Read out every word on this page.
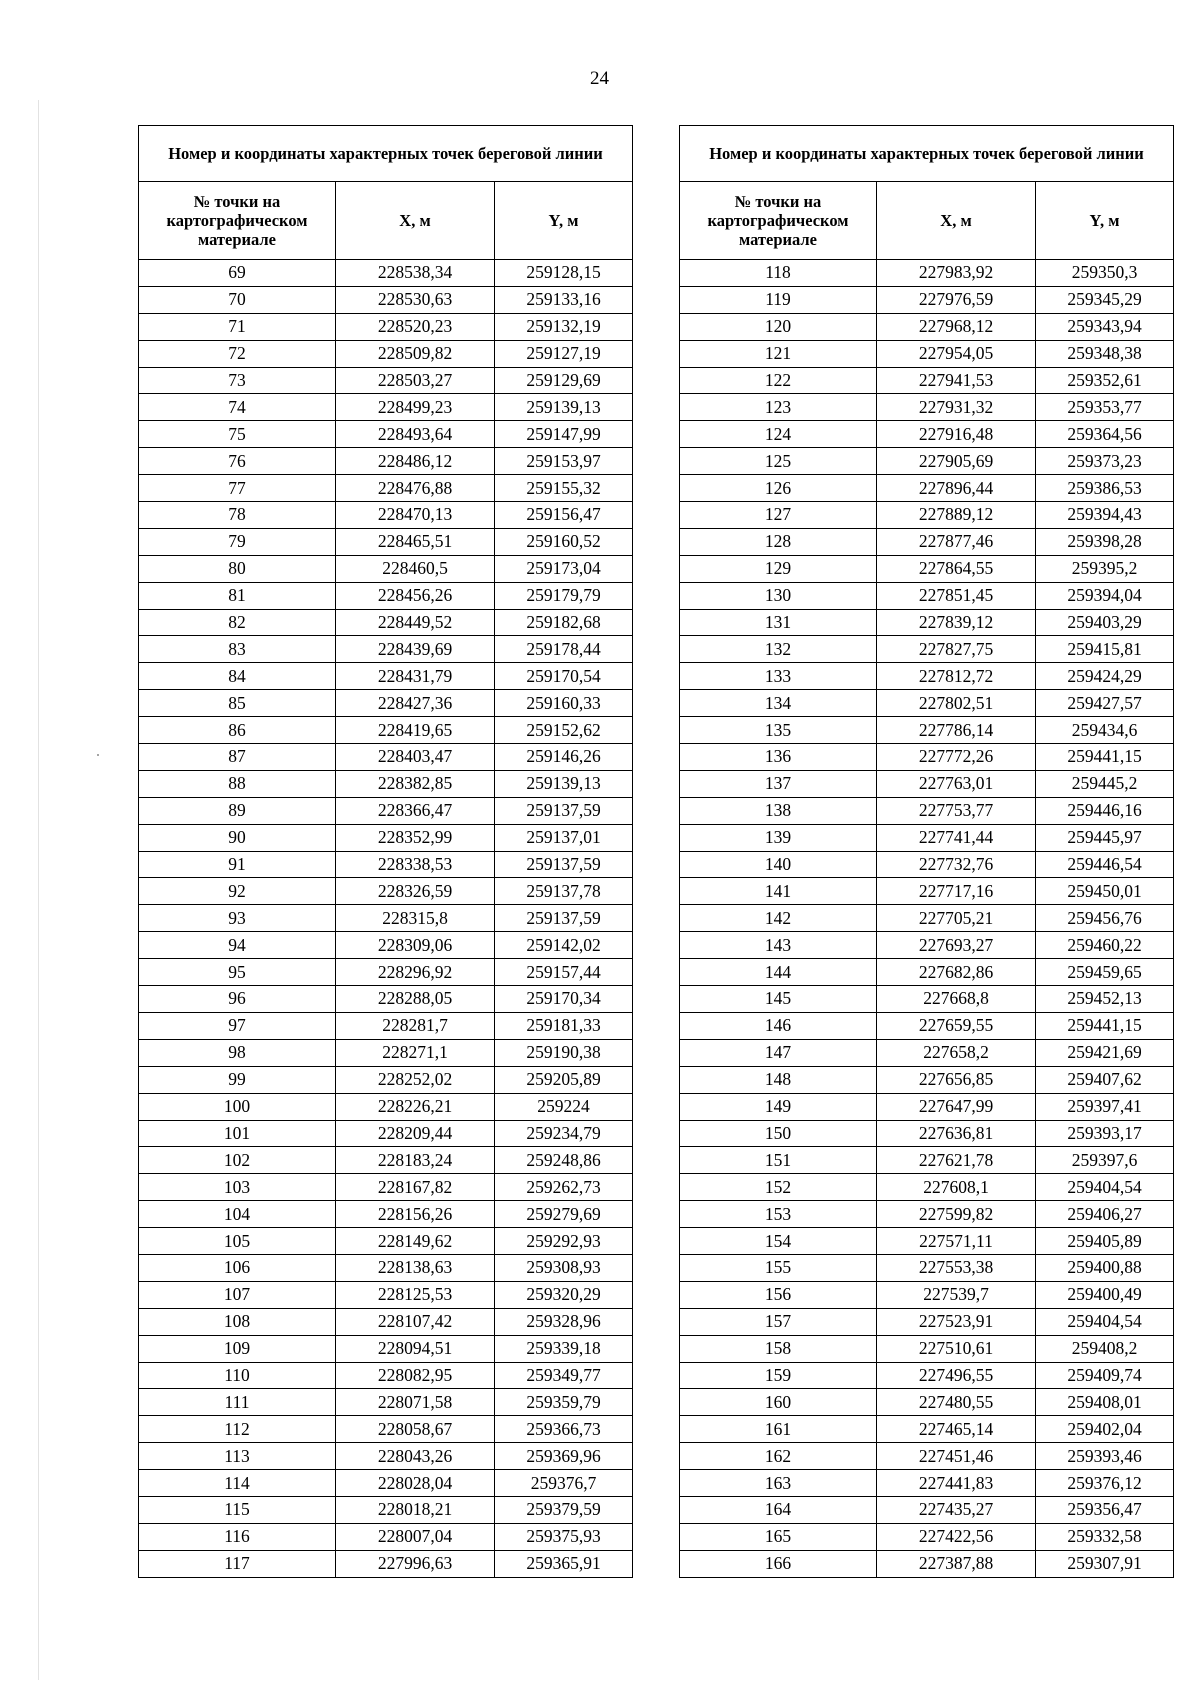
24
Номер и координаты характерных точек береговой линии		
№ точки на картографическом материале	X, м	Y, м
69	228538,34	259128,15
70	228530,63	259133,16
71	228520,23	259132,19
72	228509,82	259127,19
73	228503,27	259129,69
74	228499,23	259139,13
75	228493,64	259147,99
76	228486,12	259153,97
77	228476,88	259155,32
78	228470,13	259156,47
79	228465,51	259160,52
80	228460,5	259173,04
81	228456,26	259179,79
82	228449,52	259182,68
83	228439,69	259178,44
84	228431,79	259170,54
85	228427,36	259160,33
86	228419,65	259152,62
87	228403,47	259146,26
88	228382,85	259139,13
89	228366,47	259137,59
90	228352,99	259137,01
91	228338,53	259137,59
92	228326,59	259137,78
93	228315,8	259137,59
94	228309,06	259142,02
95	228296,92	259157,44
96	228288,05	259170,34
97	228281,7	259181,33
98	228271,1	259190,38
99	228252,02	259205,89
100	228226,21	259224
101	228209,44	259234,79
102	228183,24	259248,86
103	228167,82	259262,73
104	228156,26	259279,69
105	228149,62	259292,93
106	228138,63	259308,93
107	228125,53	259320,29
108	228107,42	259328,96
109	228094,51	259339,18
110	228082,95	259349,77
111	228071,58	259359,79
112	228058,67	259366,73
113	228043,26	259369,96
114	228028,04	259376,7
115	228018,21	259379,59
116	228007,04	259375,93
117	227996,63	259365,91
Номер и координаты характерных точек береговой линии		
№ точки на картографическом материале	X, м	Y, м
118	227983,92	259350,3
119	227976,59	259345,29
120	227968,12	259343,94
121	227954,05	259348,38
122	227941,53	259352,61
123	227931,32	259353,77
124	227916,48	259364,56
125	227905,69	259373,23
126	227896,44	259386,53
127	227889,12	259394,43
128	227877,46	259398,28
129	227864,55	259395,2
130	227851,45	259394,04
131	227839,12	259403,29
132	227827,75	259415,81
133	227812,72	259424,29
134	227802,51	259427,57
135	227786,14	259434,6
136	227772,26	259441,15
137	227763,01	259445,2
138	227753,77	259446,16
139	227741,44	259445,97
140	227732,76	259446,54
141	227717,16	259450,01
142	227705,21	259456,76
143	227693,27	259460,22
144	227682,86	259459,65
145	227668,8	259452,13
146	227659,55	259441,15
147	227658,2	259421,69
148	227656,85	259407,62
149	227647,99	259397,41
150	227636,81	259393,17
151	227621,78	259397,6
152	227608,1	259404,54
153	227599,82	259406,27
154	227571,11	259405,89
155	227553,38	259400,88
156	227539,7	259400,49
157	227523,91	259404,54
158	227510,61	259408,2
159	227496,55	259409,74
160	227480,55	259408,01
161	227465,14	259402,04
162	227451,46	259393,46
163	227441,83	259376,12
164	227435,27	259356,47
165	227422,56	259332,58
166	227387,88	259307,91
